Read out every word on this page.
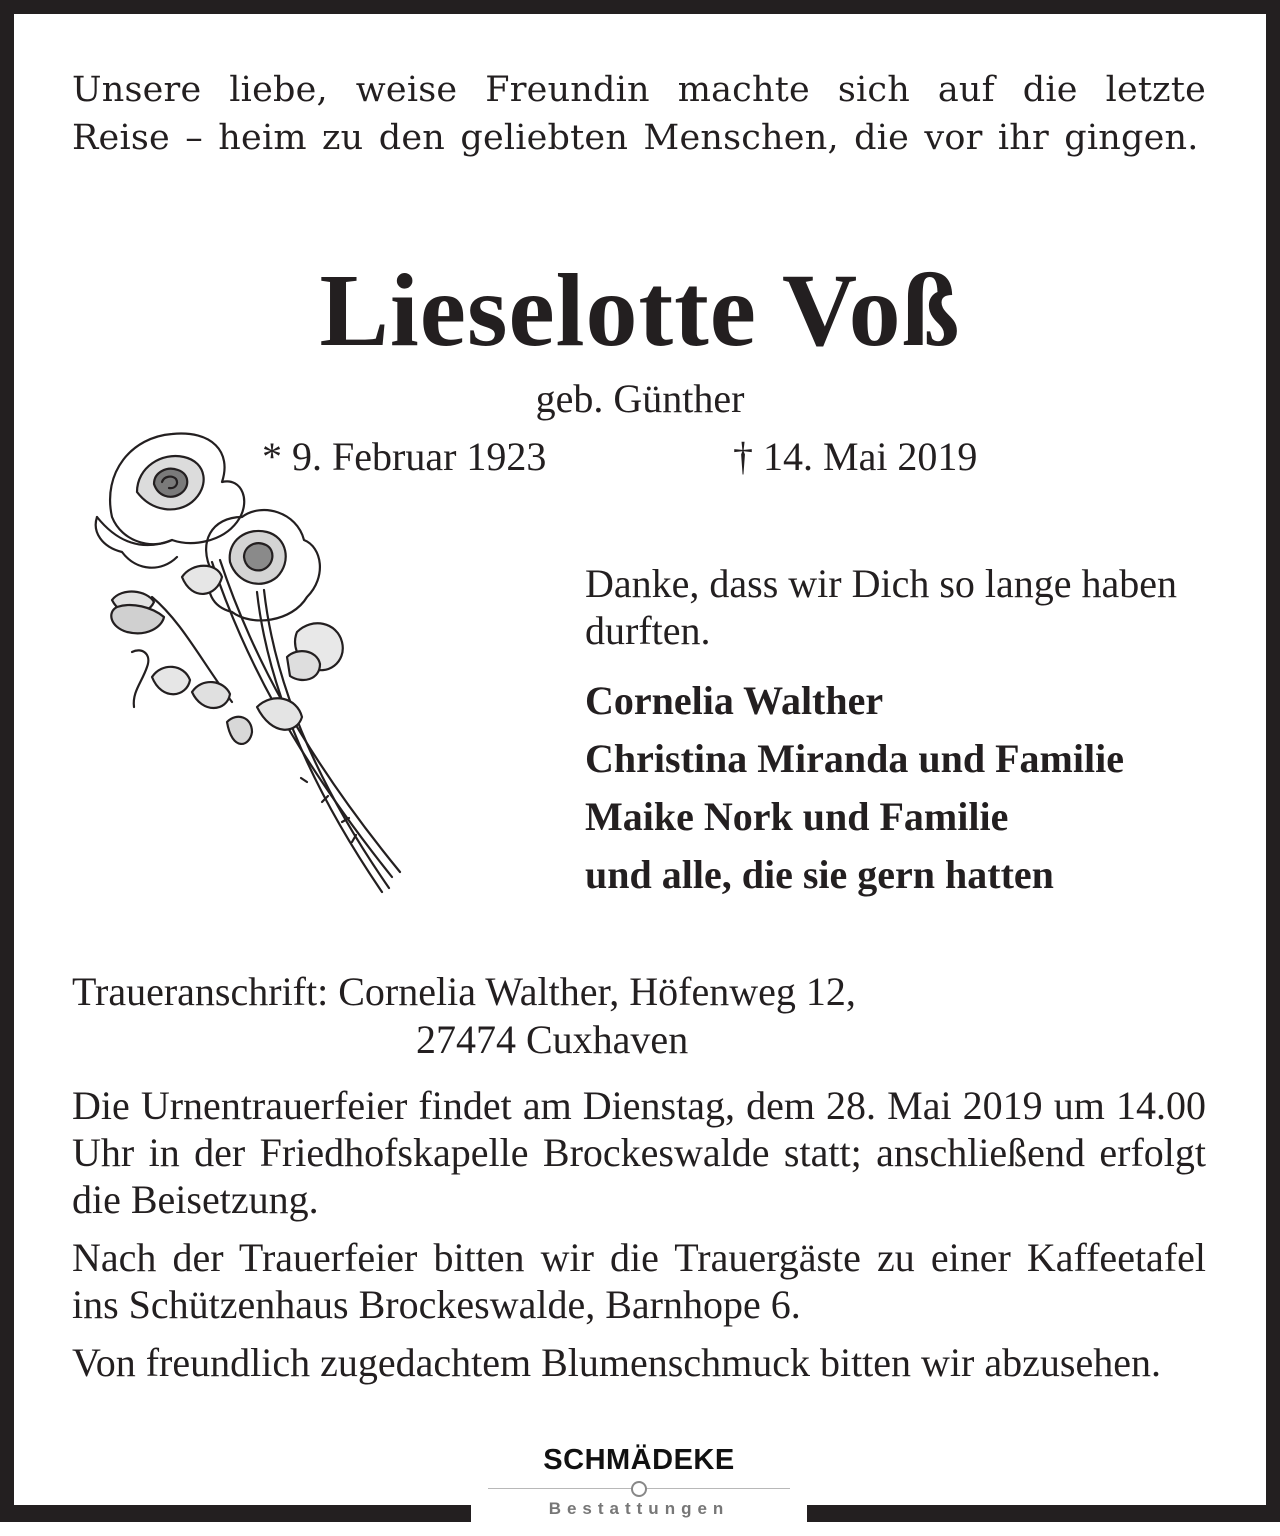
Unsere liebe, weise Freundin machte sich auf die letzte Reise – heim zu den geliebten Menschen, die vor ihr gingen.
Lieselotte Voß
geb. Günther
* 9. Februar 1923	† 14. Mai 2019
Danke, dass wir Dich so lange haben durften.
Cornelia Walther
Christina Miranda und Familie
Maike Nork und Familie
und alle, die sie gern hatten
Traueranschrift: Cornelia Walther, Höfenweg 12,
27474 Cuxhaven
Die Urnentrauerfeier findet am Dienstag, dem 28. Mai 2019 um 14.00 Uhr in der Friedhofskapelle Brockeswalde statt; anschließend erfolgt die Beisetzung.
Nach der Trauerfeier bitten wir die Trauergäste zu einer Kaffeetafel ins Schützenhaus Brockeswalde, Barnhope 6.
Von freundlich zugedachtem Blumenschmuck bitten wir abzusehen.
SCHMÄDEKE
Bestattungen
